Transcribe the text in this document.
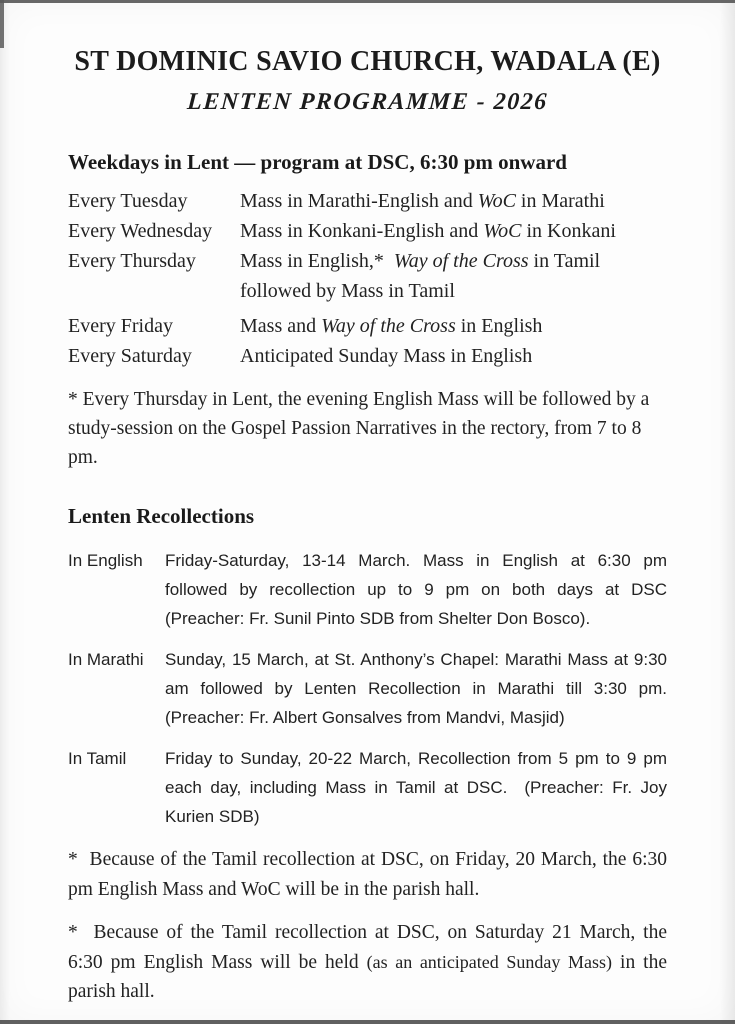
ST DOMINIC SAVIO CHURCH, WADALA (E)
LENTEN PROGRAMME - 2026
Weekdays in Lent — program at DSC, 6:30 pm onward
Every Tuesday	Mass in Marathi-English and WoC in Marathi
Every Wednesday	Mass in Konkani-English and WoC in Konkani
Every Thursday	Mass in English,*  Way of the Cross in Tamil
followed by Mass in Tamil
Every Friday	Mass and Way of the Cross in English
Every Saturday	Anticipated Sunday Mass in English

* Every Thursday in Lent, the evening English Mass will be followed by a study-session on the Gospel Passion Narratives in the rectory, from 7 to 8 pm.

Lenten Recollections
In English	Friday-Saturday, 13-14 March. Mass in English at 6:30 pm followed by recollection up to 9 pm on both days at DSC (Preacher: Fr. Sunil Pinto SDB from Shelter Don Bosco).

In Marathi	Sunday, 15 March, at St. Anthony’s Chapel: Marathi Mass at 9:30 am followed by Lenten Recollection in Marathi till 3:30 pm. (Preacher: Fr. Albert Gonsalves from Mandvi, Masjid)

In Tamil	Friday to Sunday, 20-22 March, Recollection from 5 pm to 9 pm each day, including Mass in Tamil at DSC.  (Preacher: Fr. Joy Kurien SDB)

*  Because of the Tamil recollection at DSC, on Friday, 20 March, the 6:30 pm English Mass and WoC will be in the parish hall.

*  Because of the Tamil recollection at DSC, on Saturday 21 March, the 6:30 pm English Mass will be held (as an anticipated Sunday Mass) in the parish hall.
